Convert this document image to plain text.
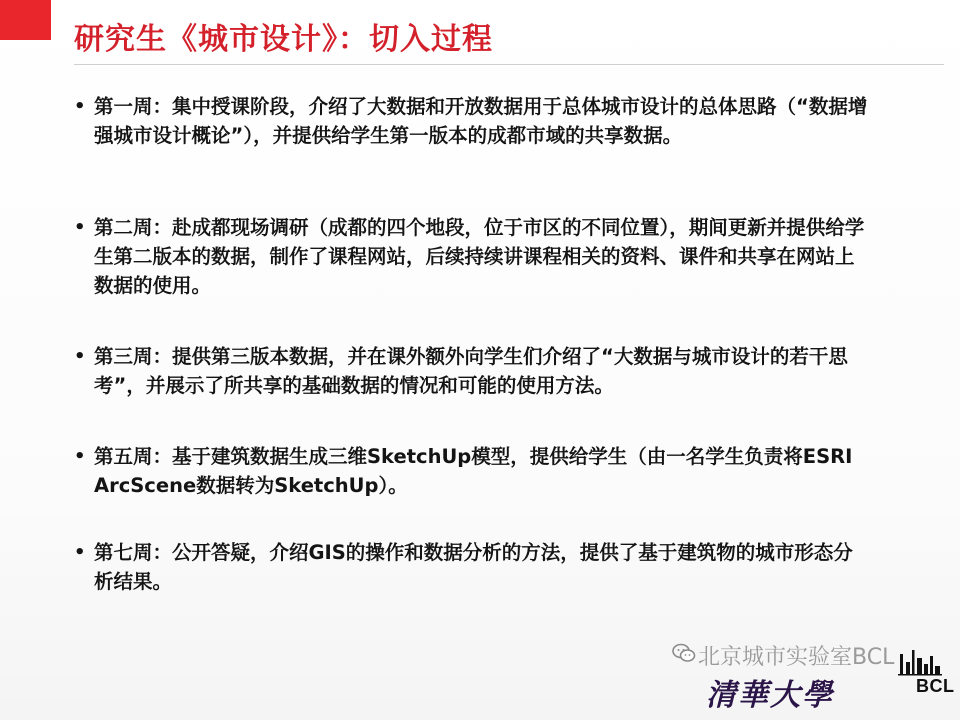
研究生《城市设计》：切入过程
• 第一周：集中授课阶段，介绍了大数据和开放数据用于总体城市设计的总体思路（“数据增强城市设计概论”），并提供给学生第一版本的成都市域的共享数据。
• 第二周：赴成都现场调研（成都的四个地段，位于市区的不同位置），期间更新并提供给学生第二版本的数据，制作了课程网站，后续持续讲课程相关的资料、课件和共享在网站上数据的使用。
• 第三周：提供第三版本数据，并在课外额外向学生们介绍了“大数据与城市设计的若干思考”，并展示了所共享的基础数据的情况和可能的使用方法。
• 第五周：基于建筑数据生成三维SketchUp模型，提供给学生（由一名学生负责将ESRI ArcScene数据转为SketchUp）。
• 第七周：公开答疑，介绍GIS的操作和数据分析的方法，提供了基于建筑物的城市形态分析结果。
北京城市实验室BCL
清華大學	BCL
